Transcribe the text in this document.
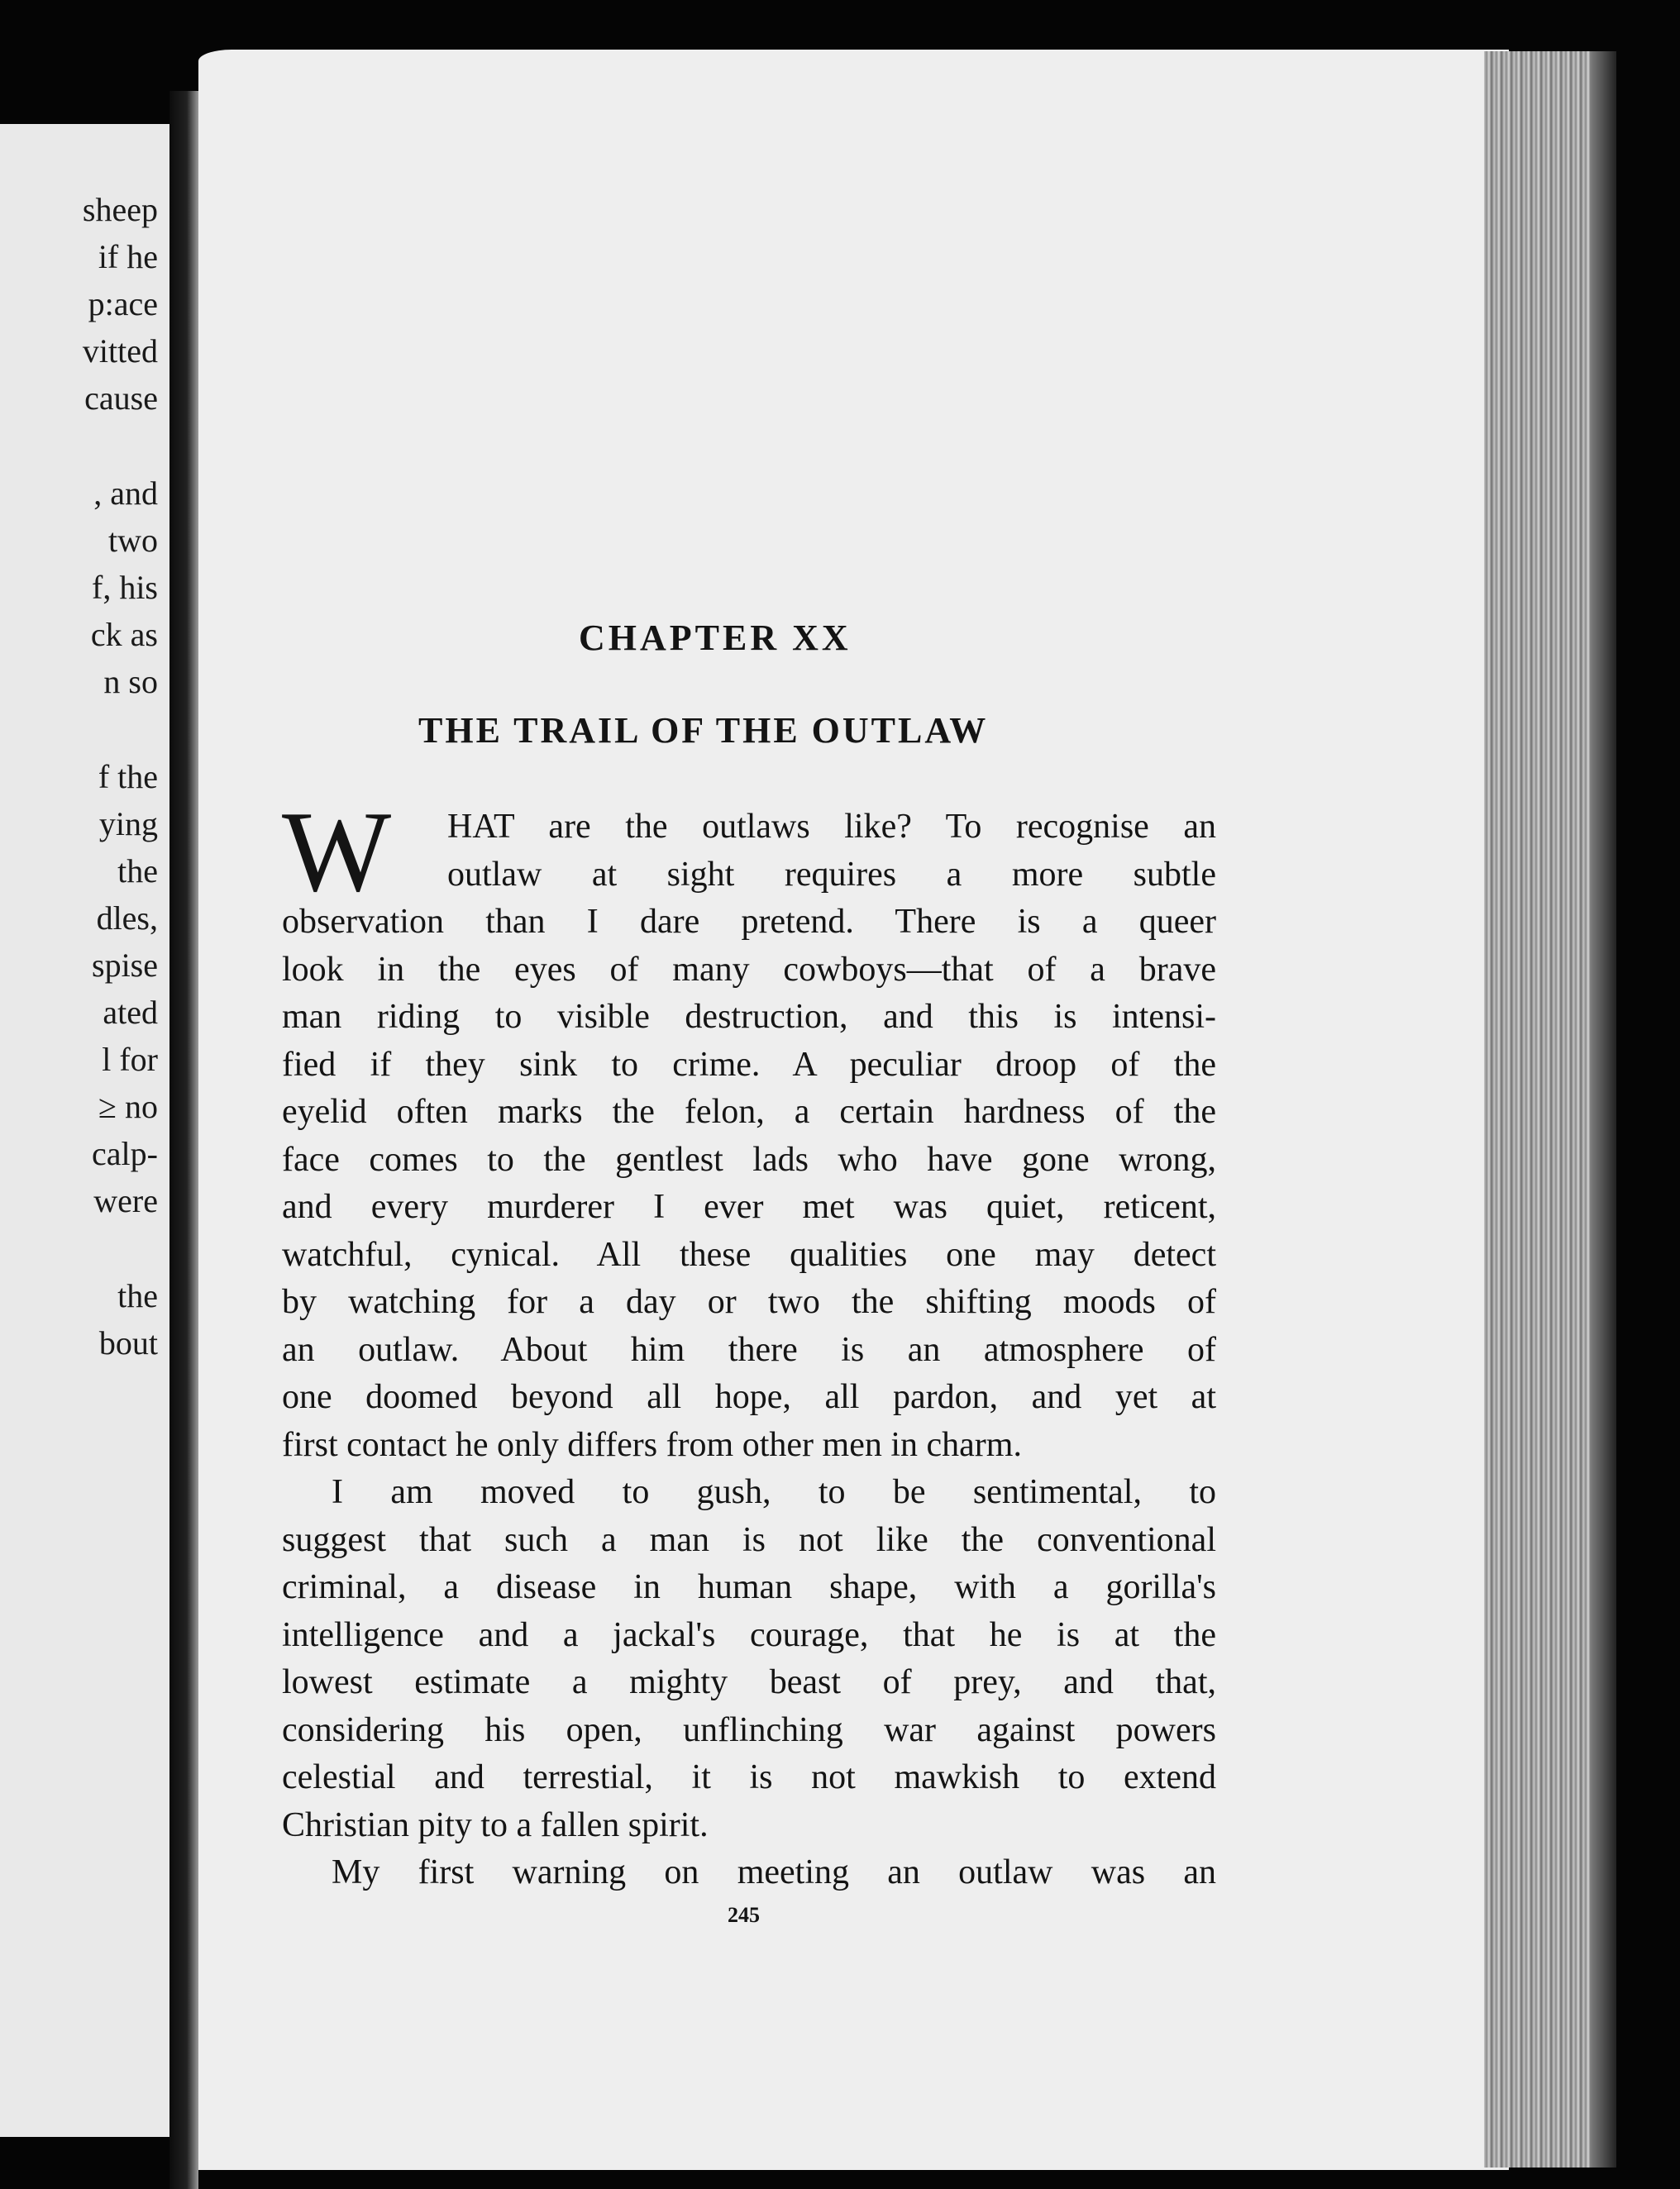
sheep
if he
p:ace
vitted
cause
, and
two
f, his
ck as
n so
f the
ying
the
dles,
spise
ated
l for
≥ no
calp-
were
the
bout
CHAPTER XX
THE TRAIL OF THE OUTLAW
W	HAT are the outlaws like? To recognise an
outlaw at sight requires a more subtle
observation than I dare pretend. There is a queer
look in the eyes of many cowboys—that of a brave
man riding to visible destruction, and this is intensi-
fied if they sink to crime. A peculiar droop of the
eyelid often marks the felon, a certain hardness of the
face comes to the gentlest lads who have gone wrong,
and every murderer I ever met was quiet, reticent,
watchful, cynical. All these qualities one may detect
by watching for a day or two the shifting moods of
an outlaw. About him there is an atmosphere of
one doomed beyond all hope, all pardon, and yet at
first contact he only differs from other men in charm.
I am moved to gush, to be sentimental, to
suggest that such a man is not like the conventional
criminal, a disease in human shape, with a gorilla's
intelligence and a jackal's courage, that he is at the
lowest estimate a mighty beast of prey, and that,
considering his open, unflinching war against powers
celestial and terrestial, it is not mawkish to extend
Christian pity to a fallen spirit.
My first warning on meeting an outlaw was an
245
